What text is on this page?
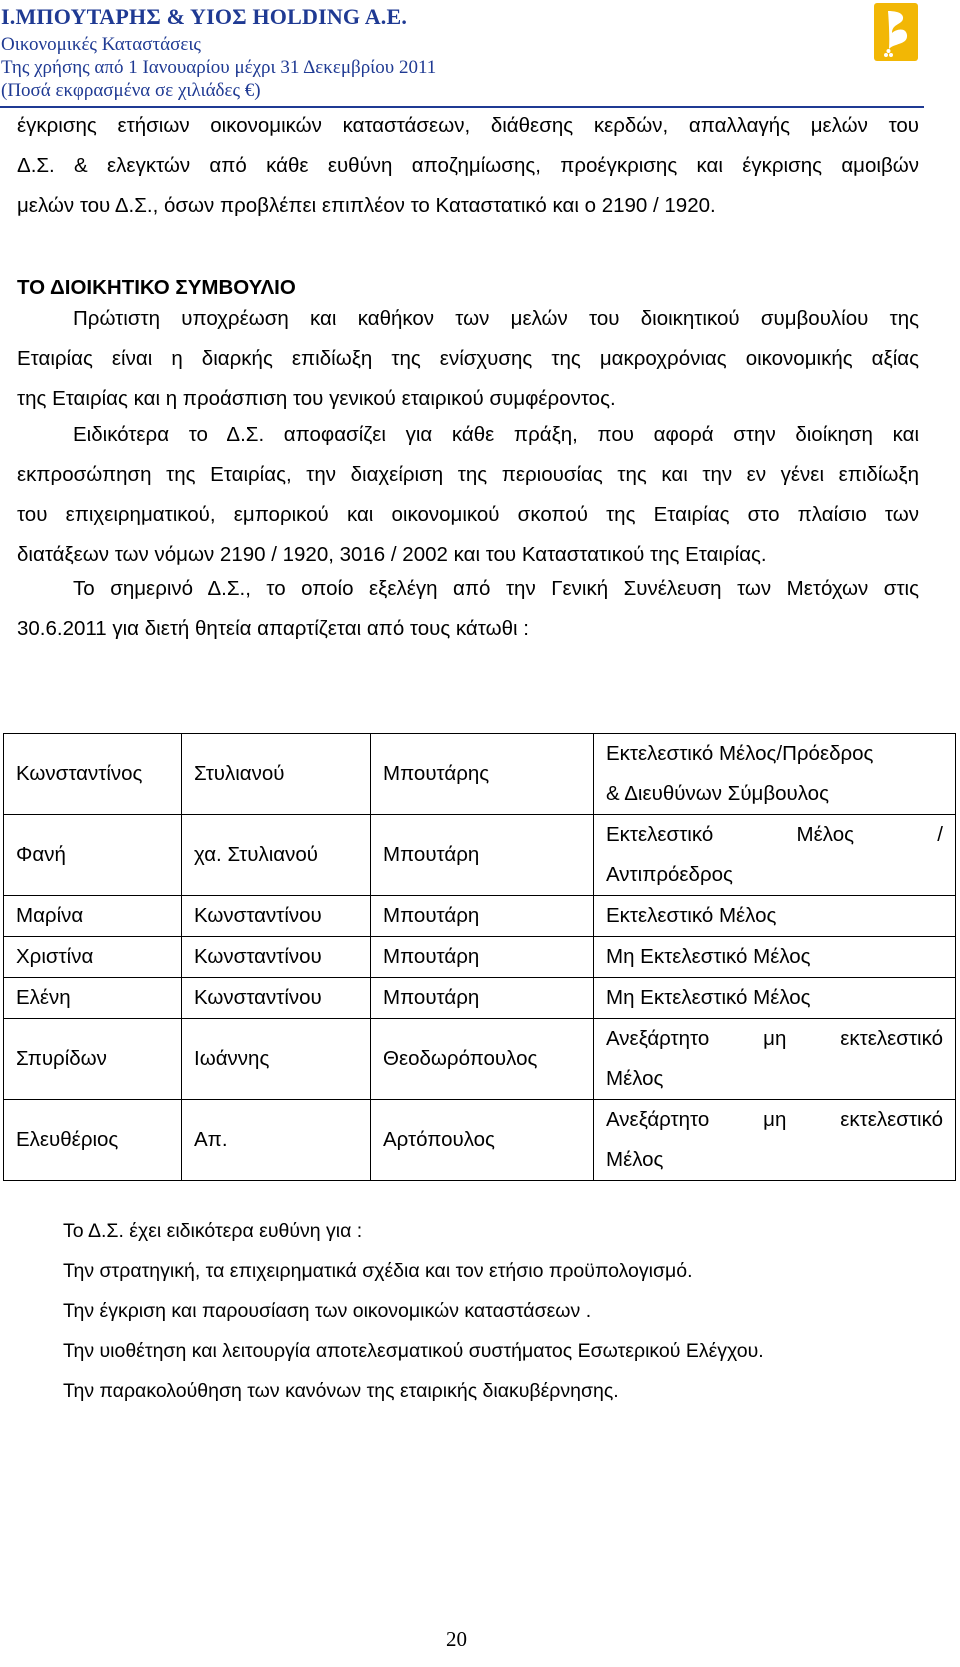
Ι.ΜΠΟΥΤΑΡΗΣ & ΥΙΟΣ HOLDING A.E.
Οικονομικές Καταστάσεις
Της χρήσης από 1 Ιανουαρίου μέχρι 31 Δεκεμβρίου 2011
(Ποσά εκφρασμένα σε χιλιάδες €)
έγκρισης ετήσιων οικονομικών καταστάσεων, διάθεσης κερδών, απαλλαγής μελών του
Δ.Σ. & ελεγκτών από κάθε ευθύνη αποζημίωσης, προέγκρισης και έγκρισης αμοιβών
μελών του Δ.Σ., όσων προβλέπει επιπλέον το Καταστατικό και ο 2190 / 1920.
ΤΟ ΔΙΟΙΚΗΤΙΚΟ ΣΥΜΒΟΥΛΙΟ
Πρώτιστη υποχρέωση και καθήκον των μελών του διοικητικού συμβουλίου της
Εταιρίας είναι η διαρκής επιδίωξη της ενίσχυσης της μακροχρόνιας οικονομικής αξίας
της Εταιρίας και η προάσπιση του γενικού εταιρικού συμφέροντος.
Ειδικότερα το Δ.Σ. αποφασίζει για κάθε πράξη, που αφορά στην διοίκηση και
εκπροσώπηση της Εταιρίας, την διαχείριση της περιουσίας της και την εν γένει επιδίωξη
του επιχειρηματικού, εμπορικού και οικονομικού σκοπού της Εταιρίας στο πλαίσιο των
διατάξεων των νόμων 2190 / 1920, 3016 / 2002 και του Καταστατικού της Εταιρίας.
Το σημερινό Δ.Σ., το οποίο εξελέγη από την Γενική Συνέλευση των Μετόχων στις
30.6.2011 για διετή θητεία απαρτίζεται από τους κάτωθι :
Κωνσταντίνος	Στυλιανού	Μπουτάρης	Εκτελεστικό Μέλος/Πρόεδρος
& Διευθύνων Σύμβουλος

Φανή	χα. Στυλιανού	Μπουτάρη	Εκτελεστικό Μέλος /
Αντιπρόεδρος

Μαρίνα	Κωνσταντίνου	Μπουτάρη	Εκτελεστικό Μέλος

Χριστίνα	Κωνσταντίνου	Μπουτάρη	Μη Εκτελεστικό Μέλος

Ελένη	Κωνσταντίνου	Μπουτάρη	Μη Εκτελεστικό Μέλος

Σπυρίδων	Ιωάννης	Θεοδωρόπουλος	Ανεξάρτητο μη εκτελεστικό
Μέλος

Ελευθέριος	Απ.	Αρτόπουλος	Ανεξάρτητο μη εκτελεστικό
Μέλος
Το Δ.Σ. έχει ειδικότερα ευθύνη για :
Την στρατηγική, τα επιχειρηματικά σχέδια και τον ετήσιο προϋπολογισμό.
Την έγκριση και παρουσίαση των οικονομικών καταστάσεων .
Την υιοθέτηση και λειτουργία αποτελεσματικού συστήματος Εσωτερικού Ελέγχου.
Την παρακολούθηση των κανόνων της εταιρικής διακυβέρνησης.
20
